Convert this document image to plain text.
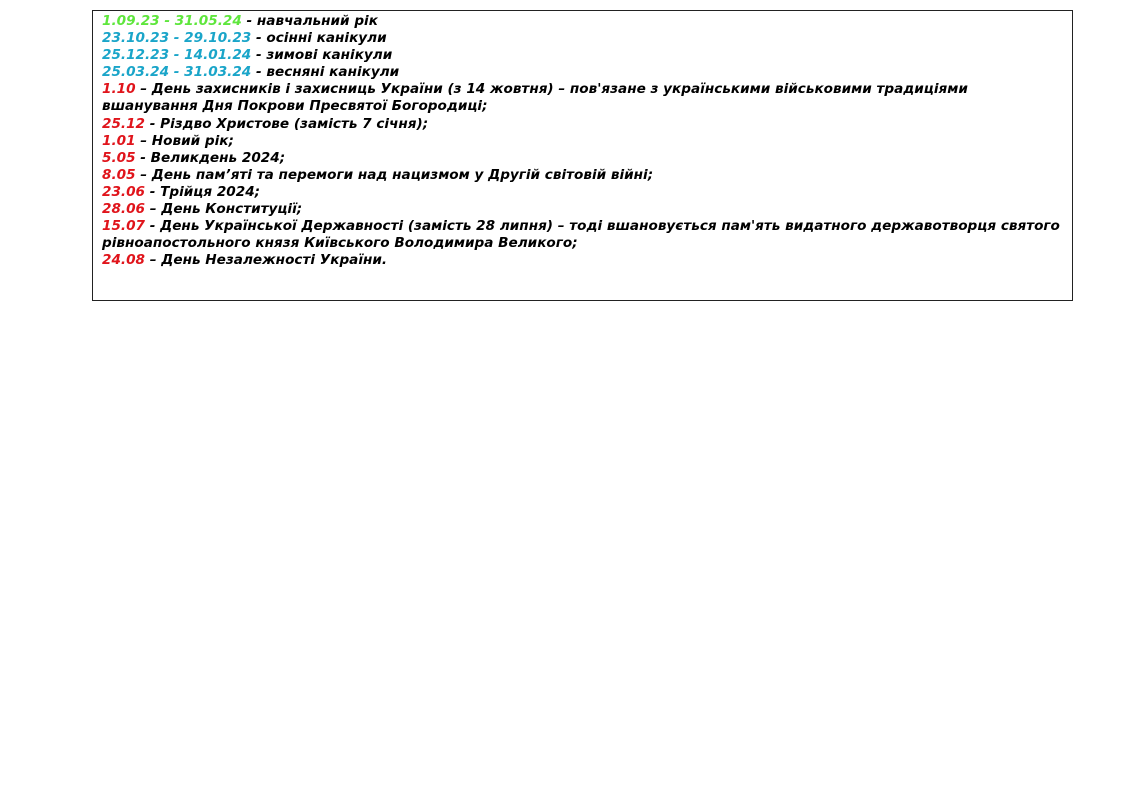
1.09.23 - 31.05.24 - навчальний рік
23.10.23 - 29.10.23 - осінні канікули
25.12.23 - 14.01.24 - зимові канікули
25.03.24 - 31.03.24 - весняні канікули
1.10 – День захисників і захисниць України (з 14 жовтня) – пов'язане з українськими військовими традиціями вшанування Дня Покрови Пресвятої Богородиці;
25.12 - Різдво Христове (замість 7 січня);
1.01 – Новий рік;
5.05 - Великдень 2024;
8.05 – День пам’яті та перемоги над нацизмом у Другій світовій війні;
23.06 - Трійця 2024;
28.06 – День Конституції;
15.07 - День Української Державності (замість 28 липня) – тоді вшановується пам'ять видатного державотворця святого рівноапостольного князя Київського Володимира Великого;
24.08 – День Незалежності України.
